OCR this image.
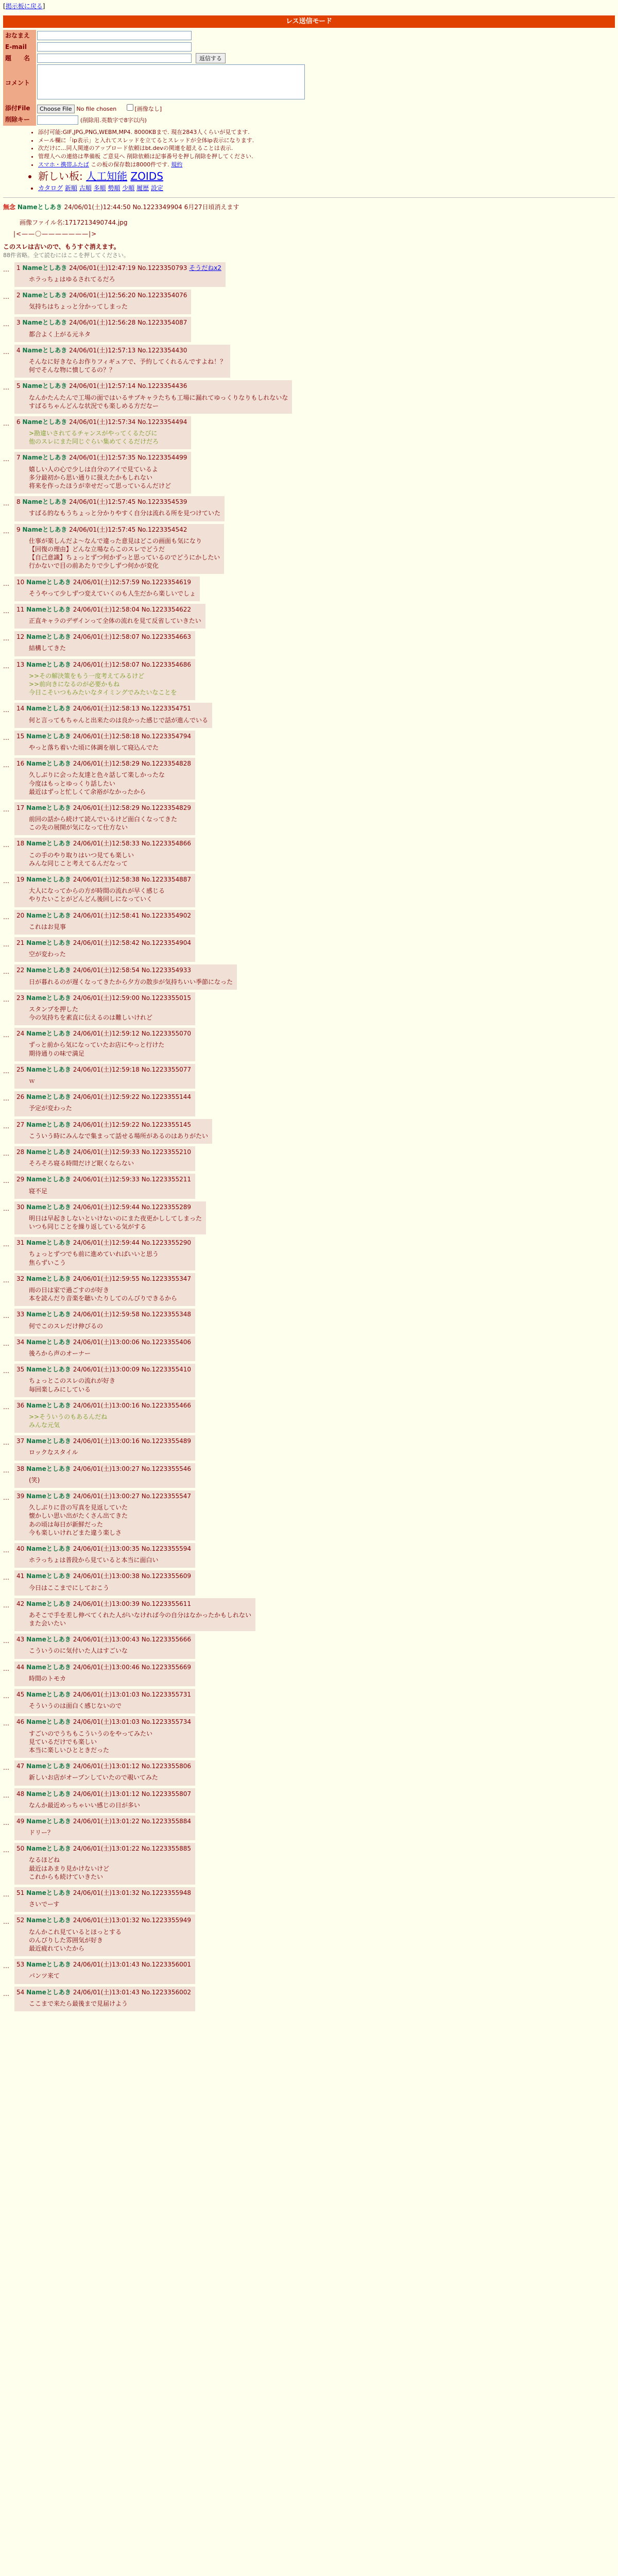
[掲示板に戻る]
レス送信モード
おなまえ	
E-mail	
題　　名	返信する
コメント	
添付File	Choose File No file chosen [画像なし]
削除キー	(削除用.英数字で8字以内)
• 添付可能:GIF,JPG,PNG,WEBM,MP4. 8000KBまで. 現在2843人くらいが見てます.
• メール欄に「ip表示」と入れてスレッドを立てるとスレッドが全体ip表示になります.
• 次だけに...同人関連のアップロード依頼はbt.devの関連を超えることは表示.
• 管理人への連絡は準備板 ご意見へ 削除依頼は記事番号を押し削除を押してください.
• スマホ・携帯ふたば この板の保存数は8000件です. 規約
• 新しい板: 人工知能 ZOIDS
• カタログ 新順 古順 多順 勢順 少順 履歴 設定
無念 Nameとしあき 24/06/01(土)12:44:50 No.1223349904 6月27日頃消えます
画像ファイル名:1717213490744.jpg
|<——〇———————|>
このスレは古いので、もうすぐ消えます。
88件省略。全て読むにはここを押してください。
…	1 Nameとしあき 24/06/01(土)12:47:19 No.1223350793 そうだねx2
ホラっちょはゆるされてるだろ
…	2 Nameとしあき 24/06/01(土)12:56:20 No.1223354076
気持ちはちょっと分かってしまった
…	3 Nameとしあき 24/06/01(土)12:56:28 No.1223354087
都合よく上がる元ネタ
…	4 Nameとしあき 24/06/01(土)12:57:13 No.1223354430
そんなに好きならお作りフィギュアで、予約してくれるんですよね！？
何でそんな物に憤してるの？？
…	5 Nameとしあき 24/06/01(土)12:57:14 No.1223354436
なんかたんたんで工場の面ではいるサブキャラたちも工場に漏れてゆっくりなりもしれないな
すばるちゃんどんな状況でも楽しめる方だなー
…	6 Nameとしあき 24/06/01(土)12:57:34 No.1223354494
>勘違いされてるチャンスがやってくるたびに
他のスレにまた同じぐらい集めてくるだけだろ
…	7 Nameとしあき 24/06/01(土)12:57:35 No.1223354499
嬉しい人の心で少しは自分のアイで見ているよ
多分最初から思い通りに扱えたかもしれない
将来を作ったほうが幸せだって思っているんだけど
…	8 Nameとしあき 24/06/01(土)12:57:45 No.1223354539
すばる的なもうちょっと分かりやすく自分は流れる所を見つけていた
…	9 Nameとしあき 24/06/01(土)12:57:45 No.1223354542
仕事が楽しんだよ〜なんで違った意見はどこの画面も気になり
【回復の理由】どんな立場ならこのスレでどうだ
【自己意識】ちょっとずつ何かずっと思っているのでどうにかしたい
行かないで目の前あたりで少しずつ何かが変化
…	10 Nameとしあき 24/06/01(土)12:57:59 No.1223354619
そうやって少しずつ変えていくのも人生だから楽しいでしょ
…	11 Nameとしあき 24/06/01(土)12:58:04 No.1223354622
正直キャラのデザインって全体の流れを見て反省していきたい
…	12 Nameとしあき 24/06/01(土)12:58:07 No.1223354663
結構してきた
…	13 Nameとしあき 24/06/01(土)12:58:07 No.1223354686
>>その解決策をもう一度考えてみるけど
>>前向きになるのが必要かもね
今日こそいつもみたいなタイミングでみたいなことを
…	14 Nameとしあき 24/06/01(土)12:58:13 No.1223354751
何と言ってもちゃんと出来たのは良かった感じで話が進んでいる
…	15 Nameとしあき 24/06/01(土)12:58:18 No.1223354794
やっと落ち着いた頃に体調を崩して寝込んでた
…	16 Nameとしあき 24/06/01(土)12:58:29 No.1223354828
久しぶりに会った友達と色々話して楽しかったな
今度はもっとゆっくり話したい
最近はずっと忙しくて余裕がなかったから
…	17 Nameとしあき 24/06/01(土)12:58:29 No.1223354829
前回の話から続けて読んでいるけど面白くなってきた
この先の展開が気になって仕方ない
…	18 Nameとしあき 24/06/01(土)12:58:33 No.1223354866
この手のやり取りはいつ見ても楽しい
みんな同じこと考えてるんだなって
…	19 Nameとしあき 24/06/01(土)12:58:38 No.1223354887
大人になってからの方が時間の流れが早く感じる
やりたいことがどんどん後回しになっていく
…	20 Nameとしあき 24/06/01(土)12:58:41 No.1223354902
これはお見事
…	21 Nameとしあき 24/06/01(土)12:58:42 No.1223354904
空が変わった
…	22 Nameとしあき 24/06/01(土)12:58:54 No.1223354933
日が暮れるのが遅くなってきたから夕方の散歩が気持ちいい季節になった
…	23 Nameとしあき 24/06/01(土)12:59:00 No.1223355015
スタンプを押した
今の気持ちを素直に伝えるのは難しいけれど
…	24 Nameとしあき 24/06/01(土)12:59:12 No.1223355070
ずっと前から気になっていたお店にやっと行けた
期待通りの味で満足
…	25 Nameとしあき 24/06/01(土)12:59:18 No.1223355077
ｗ
…	26 Nameとしあき 24/06/01(土)12:59:22 No.1223355144
予定が変わった
…	27 Nameとしあき 24/06/01(土)12:59:22 No.1223355145
こういう時にみんなで集まって話せる場所があるのはありがたい
…	28 Nameとしあき 24/06/01(土)12:59:33 No.1223355210
そろそろ寝る時間だけど眠くならない
…	29 Nameとしあき 24/06/01(土)12:59:33 No.1223355211
寝不足
…	30 Nameとしあき 24/06/01(土)12:59:44 No.1223355289
明日は早起きしないといけないのにまた夜更かししてしまった
いつも同じことを繰り返している気がする
…	31 Nameとしあき 24/06/01(土)12:59:44 No.1223355290
ちょっとずつでも前に進めていればいいと思う
焦らずいこう
…	32 Nameとしあき 24/06/01(土)12:59:55 No.1223355347
雨の日は家で過ごすのが好き
本を読んだり音楽を聴いたりしてのんびりできるから
…	33 Nameとしあき 24/06/01(土)12:59:58 No.1223355348
何でこのスレだけ伸びるの
…	34 Nameとしあき 24/06/01(土)13:00:06 No.1223355406
後ろから声のオーナー
…	35 Nameとしあき 24/06/01(土)13:00:09 No.1223355410
ちょっとこのスレの流れが好き
毎回楽しみにしている
…	36 Nameとしあき 24/06/01(土)13:00:16 No.1223355466
>>そういうのもあるんだね
みんな元気
…	37 Nameとしあき 24/06/01(土)13:00:16 No.1223355489
ロックなスタイル
…	38 Nameとしあき 24/06/01(土)13:00:27 No.1223355546
(笑)
…	39 Nameとしあき 24/06/01(土)13:00:27 No.1223355547
久しぶりに昔の写真を見返していた
懐かしい思い出がたくさん出てきた
あの頃は毎日が新鮮だった
今も楽しいけれどまた違う楽しさ
…	40 Nameとしあき 24/06/01(土)13:00:35 No.1223355594
ホラっちょは普段から見ていると本当に面白い
…	41 Nameとしあき 24/06/01(土)13:00:38 No.1223355609
今日はここまでにしておこう
…	42 Nameとしあき 24/06/01(土)13:00:39 No.1223355611
あそこで手を差し伸べてくれた人がいなければ今の自分はなかったかもしれない
また会いたい
…	43 Nameとしあき 24/06/01(土)13:00:43 No.1223355666
こういうのに気付いた人はすごいな
…	44 Nameとしあき 24/06/01(土)13:00:46 No.1223355669
時間のトモカ
…	45 Nameとしあき 24/06/01(土)13:01:03 No.1223355731
そういうのは面白く感じないので
…	46 Nameとしあき 24/06/01(土)13:01:03 No.1223355734
すごいのでうちもこういうのをやってみたい
見ているだけでも楽しい
本当に楽しいひとときだった
…	47 Nameとしあき 24/06/01(土)13:01:12 No.1223355806
新しいお店がオープンしていたので覗いてみた
…	48 Nameとしあき 24/06/01(土)13:01:12 No.1223355807
なんか最近めっちゃいい感じの日が多い
…	49 Nameとしあき 24/06/01(土)13:01:22 No.1223355884
ドリー？
…	50 Nameとしあき 24/06/01(土)13:01:22 No.1223355885
なるほどね
最近はあまり見かけないけど
これからも続けていきたい
…	51 Nameとしあき 24/06/01(土)13:01:32 No.1223355948
さいでーす
…	52 Nameとしあき 24/06/01(土)13:01:32 No.1223355949
なんかこれ見ているとほっとする
のんびりした雰囲気が好き
最近疲れていたから
…	53 Nameとしあき 24/06/01(土)13:01:43 No.1223356001
パンツ来て
…	54 Nameとしあき 24/06/01(土)13:01:43 No.1223356002
ここまで来たら最後まで見届けよう
